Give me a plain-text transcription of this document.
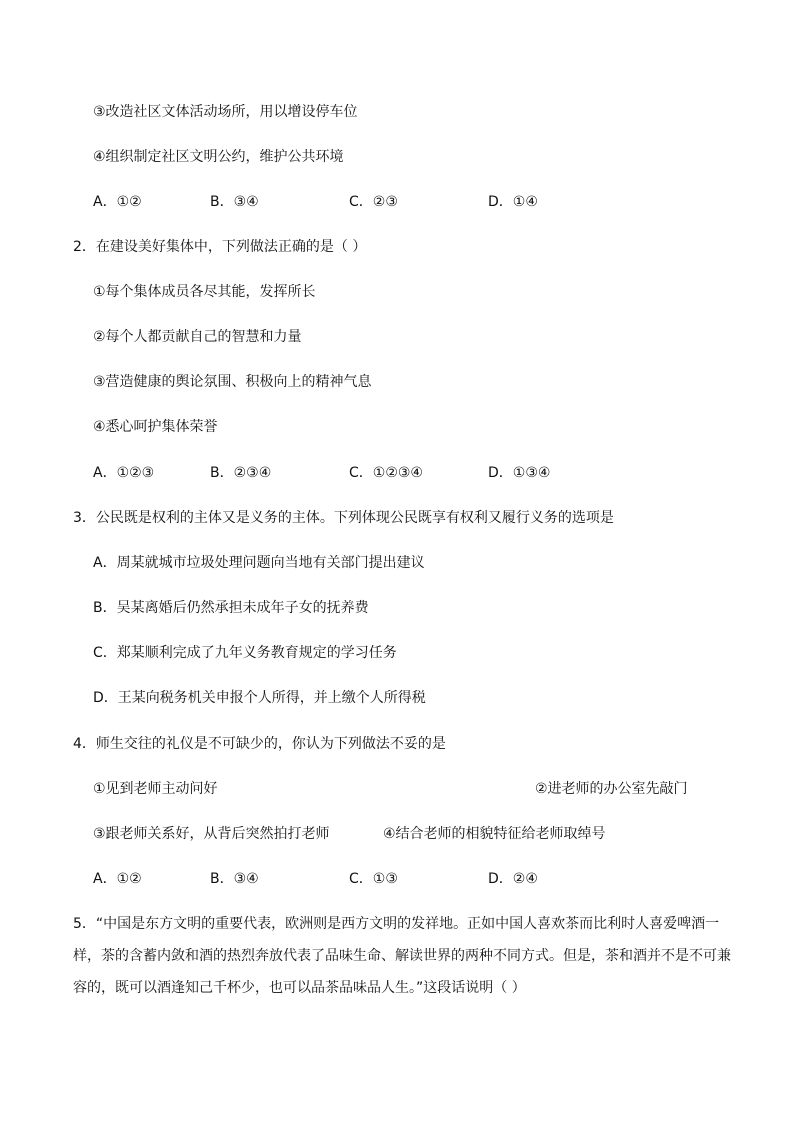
③改造社区文体活动场所，用以增设停车位
④组织制定社区文明公约，维护公共环境
A．①②	B．③④	C．②③	D．①④
2．在建设美好集体中，下列做法正确的是（ ）
①每个集体成员各尽其能，发挥所长
②每个人都贡献自己的智慧和力量
③营造健康的舆论氛围、积极向上的精神气息
④悉心呵护集体荣誉
A．①②③	B．②③④	C．①②③④	D．①③④
3．公民既是权利的主体又是义务的主体。下列体现公民既享有权利又履行义务的选项是
A．周某就城市垃圾处理问题向当地有关部门提出建议
B．吴某离婚后仍然承担未成年子女的抚养费
C．郑某顺利完成了九年义务教育规定的学习任务
D．王某向税务机关申报个人所得，并上缴个人所得税
4．师生交往的礼仪是不可缺少的，你认为下列做法不妥的是
①见到老师主动问好	②进老师的办公室先敲门
③跟老师关系好，从背后突然拍打老师	④结合老师的相貌特征给老师取绰号
A．①②	B．③④	C．①③	D．②④
5．“中国是东方文明的重要代表，欧洲则是西方文明的发祥地。正如中国人喜欢茶而比利时人喜爱啤酒一样，茶的含蓄内敛和酒的热烈奔放代表了品味生命、解读世界的两种不同方式。但是，茶和酒并不是不可兼容的，既可以酒逢知己千杯少，也可以品茶品味品人生。”这段话说明（ ）
